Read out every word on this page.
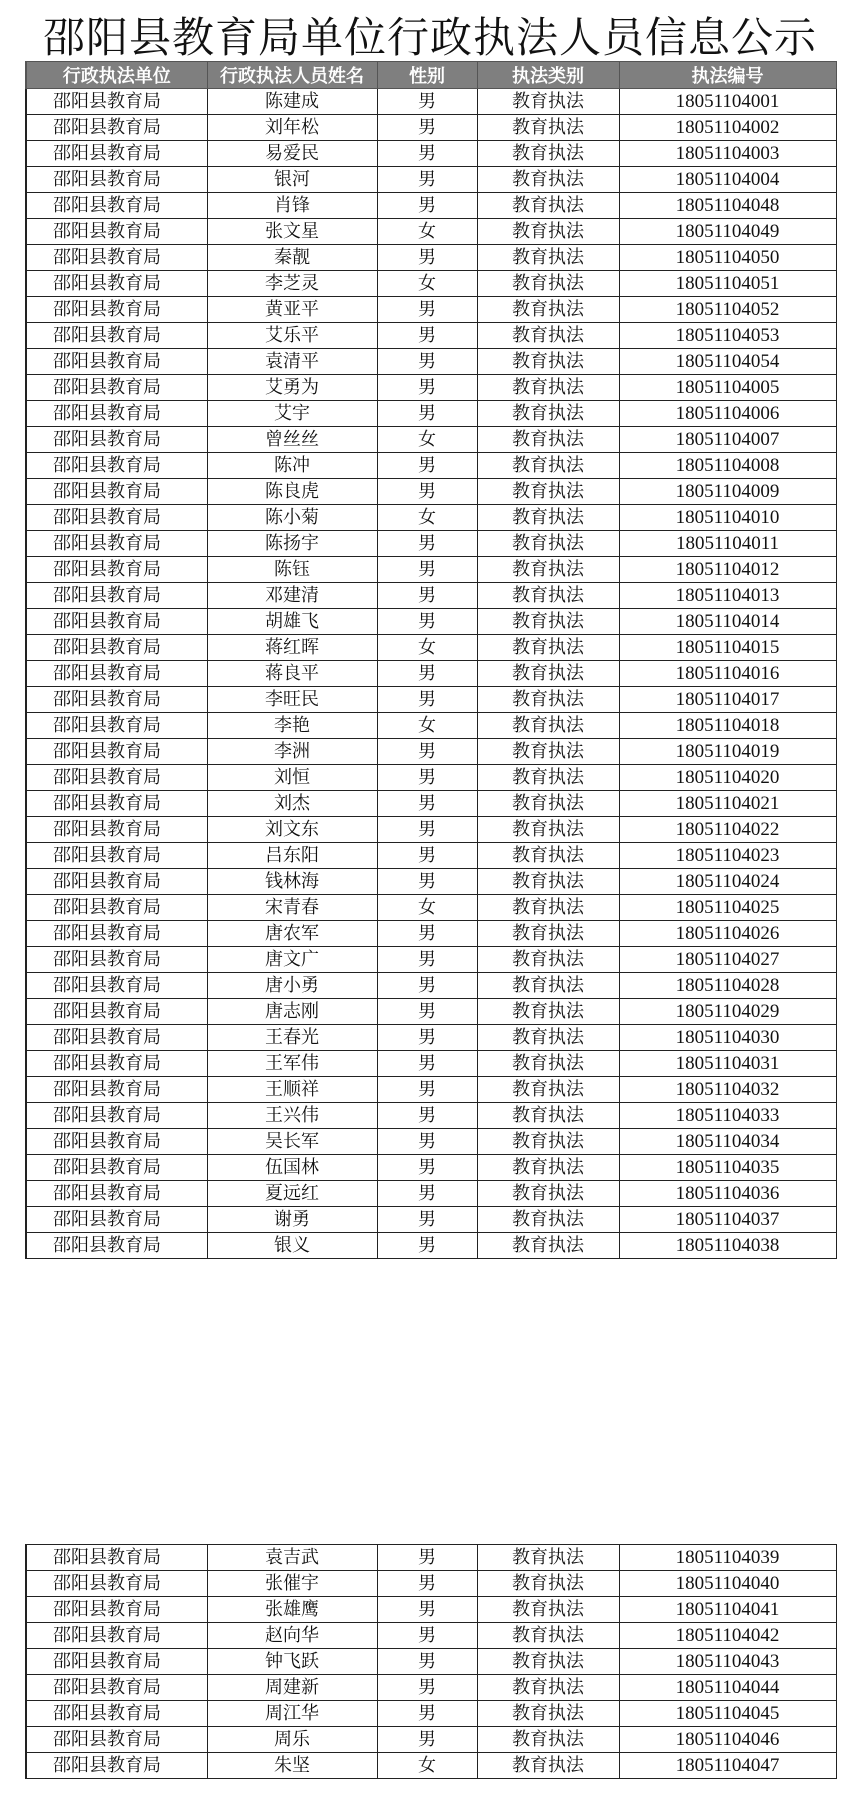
邵阳县教育局单位行政执法人员信息公示
行政执法单位	行政执法人员姓名	性别	执法类别	执法编号
邵阳县教育局	陈建成	男	教育执法	18051104001
邵阳县教育局	刘年松	男	教育执法	18051104002
邵阳县教育局	易爱民	男	教育执法	18051104003
邵阳县教育局	银河	男	教育执法	18051104004
邵阳县教育局	肖锋	男	教育执法	18051104048
邵阳县教育局	张文星	女	教育执法	18051104049
邵阳县教育局	秦靓	男	教育执法	18051104050
邵阳县教育局	李芝灵	女	教育执法	18051104051
邵阳县教育局	黄亚平	男	教育执法	18051104052
邵阳县教育局	艾乐平	男	教育执法	18051104053
邵阳县教育局	袁清平	男	教育执法	18051104054
邵阳县教育局	艾勇为	男	教育执法	18051104005
邵阳县教育局	艾宇	男	教育执法	18051104006
邵阳县教育局	曾丝丝	女	教育执法	18051104007
邵阳县教育局	陈冲	男	教育执法	18051104008
邵阳县教育局	陈良虎	男	教育执法	18051104009
邵阳县教育局	陈小菊	女	教育执法	18051104010
邵阳县教育局	陈扬宇	男	教育执法	18051104011
邵阳县教育局	陈钰	男	教育执法	18051104012
邵阳县教育局	邓建清	男	教育执法	18051104013
邵阳县教育局	胡雄飞	男	教育执法	18051104014
邵阳县教育局	蒋红晖	女	教育执法	18051104015
邵阳县教育局	蒋良平	男	教育执法	18051104016
邵阳县教育局	李旺民	男	教育执法	18051104017
邵阳县教育局	李艳	女	教育执法	18051104018
邵阳县教育局	李洲	男	教育执法	18051104019
邵阳县教育局	刘恒	男	教育执法	18051104020
邵阳县教育局	刘杰	男	教育执法	18051104021
邵阳县教育局	刘文东	男	教育执法	18051104022
邵阳县教育局	吕东阳	男	教育执法	18051104023
邵阳县教育局	钱林海	男	教育执法	18051104024
邵阳县教育局	宋青春	女	教育执法	18051104025
邵阳县教育局	唐农军	男	教育执法	18051104026
邵阳县教育局	唐文广	男	教育执法	18051104027
邵阳县教育局	唐小勇	男	教育执法	18051104028
邵阳县教育局	唐志刚	男	教育执法	18051104029
邵阳县教育局	王春光	男	教育执法	18051104030
邵阳县教育局	王军伟	男	教育执法	18051104031
邵阳县教育局	王顺祥	男	教育执法	18051104032
邵阳县教育局	王兴伟	男	教育执法	18051104033
邵阳县教育局	吴长军	男	教育执法	18051104034
邵阳县教育局	伍国林	男	教育执法	18051104035
邵阳县教育局	夏远红	男	教育执法	18051104036
邵阳县教育局	谢勇	男	教育执法	18051104037
邵阳县教育局	银义	男	教育执法	18051104038
邵阳县教育局	袁吉武	男	教育执法	18051104039
邵阳县教育局	张催宇	男	教育执法	18051104040
邵阳县教育局	张雄鹰	男	教育执法	18051104041
邵阳县教育局	赵向华	男	教育执法	18051104042
邵阳县教育局	钟飞跃	男	教育执法	18051104043
邵阳县教育局	周建新	男	教育执法	18051104044
邵阳县教育局	周江华	男	教育执法	18051104045
邵阳县教育局	周乐	男	教育执法	18051104046
邵阳县教育局	朱坚	女	教育执法	18051104047
